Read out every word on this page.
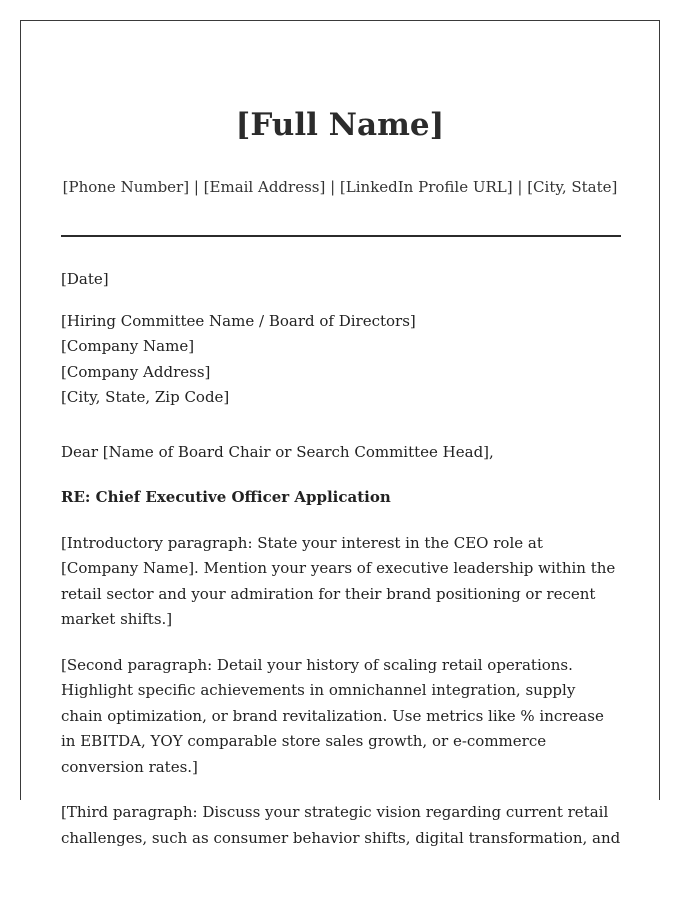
[Full Name]
[Phone Number] | [Email Address] | [LinkedIn Profile URL] | [City, State]

[Date]

[Hiring Committee Name / Board of Directors]
[Company Name]
[Company Address]
[City, State, Zip Code]

Dear [Name of Board Chair or Search Committee Head],

RE: Chief Executive Officer Application

[Introductory paragraph: State your interest in the CEO role at [Company Name]. Mention your years of executive leadership within the retail sector and your admiration for their brand positioning or recent market shifts.]

[Second paragraph: Detail your history of scaling retail operations. Highlight specific achievements in omnichannel integration, supply chain optimization, or brand revitalization. Use metrics like % increase in EBITDA, YOY comparable store sales growth, or e-commerce conversion rates.]

[Third paragraph: Discuss your strategic vision regarding current retail challenges, such as consumer behavior shifts, digital transformation, and
